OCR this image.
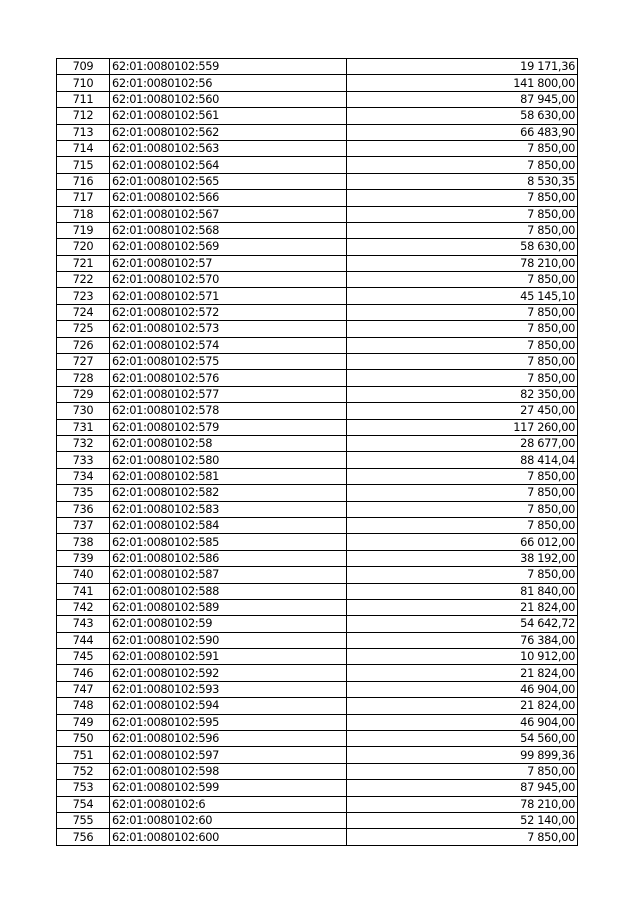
709	62:01:0080102:559	19 171,36
710	62:01:0080102:56	141 800,00
711	62:01:0080102:560	87 945,00
712	62:01:0080102:561	58 630,00
713	62:01:0080102:562	66 483,90
714	62:01:0080102:563	7 850,00
715	62:01:0080102:564	7 850,00
716	62:01:0080102:565	8 530,35
717	62:01:0080102:566	7 850,00
718	62:01:0080102:567	7 850,00
719	62:01:0080102:568	7 850,00
720	62:01:0080102:569	58 630,00
721	62:01:0080102:57	78 210,00
722	62:01:0080102:570	7 850,00
723	62:01:0080102:571	45 145,10
724	62:01:0080102:572	7 850,00
725	62:01:0080102:573	7 850,00
726	62:01:0080102:574	7 850,00
727	62:01:0080102:575	7 850,00
728	62:01:0080102:576	7 850,00
729	62:01:0080102:577	82 350,00
730	62:01:0080102:578	27 450,00
731	62:01:0080102:579	117 260,00
732	62:01:0080102:58	28 677,00
733	62:01:0080102:580	88 414,04
734	62:01:0080102:581	7 850,00
735	62:01:0080102:582	7 850,00
736	62:01:0080102:583	7 850,00
737	62:01:0080102:584	7 850,00
738	62:01:0080102:585	66 012,00
739	62:01:0080102:586	38 192,00
740	62:01:0080102:587	7 850,00
741	62:01:0080102:588	81 840,00
742	62:01:0080102:589	21 824,00
743	62:01:0080102:59	54 642,72
744	62:01:0080102:590	76 384,00
745	62:01:0080102:591	10 912,00
746	62:01:0080102:592	21 824,00
747	62:01:0080102:593	46 904,00
748	62:01:0080102:594	21 824,00
749	62:01:0080102:595	46 904,00
750	62:01:0080102:596	54 560,00
751	62:01:0080102:597	99 899,36
752	62:01:0080102:598	7 850,00
753	62:01:0080102:599	87 945,00
754	62:01:0080102:6	78 210,00
755	62:01:0080102:60	52 140,00
756	62:01:0080102:600	7 850,00
